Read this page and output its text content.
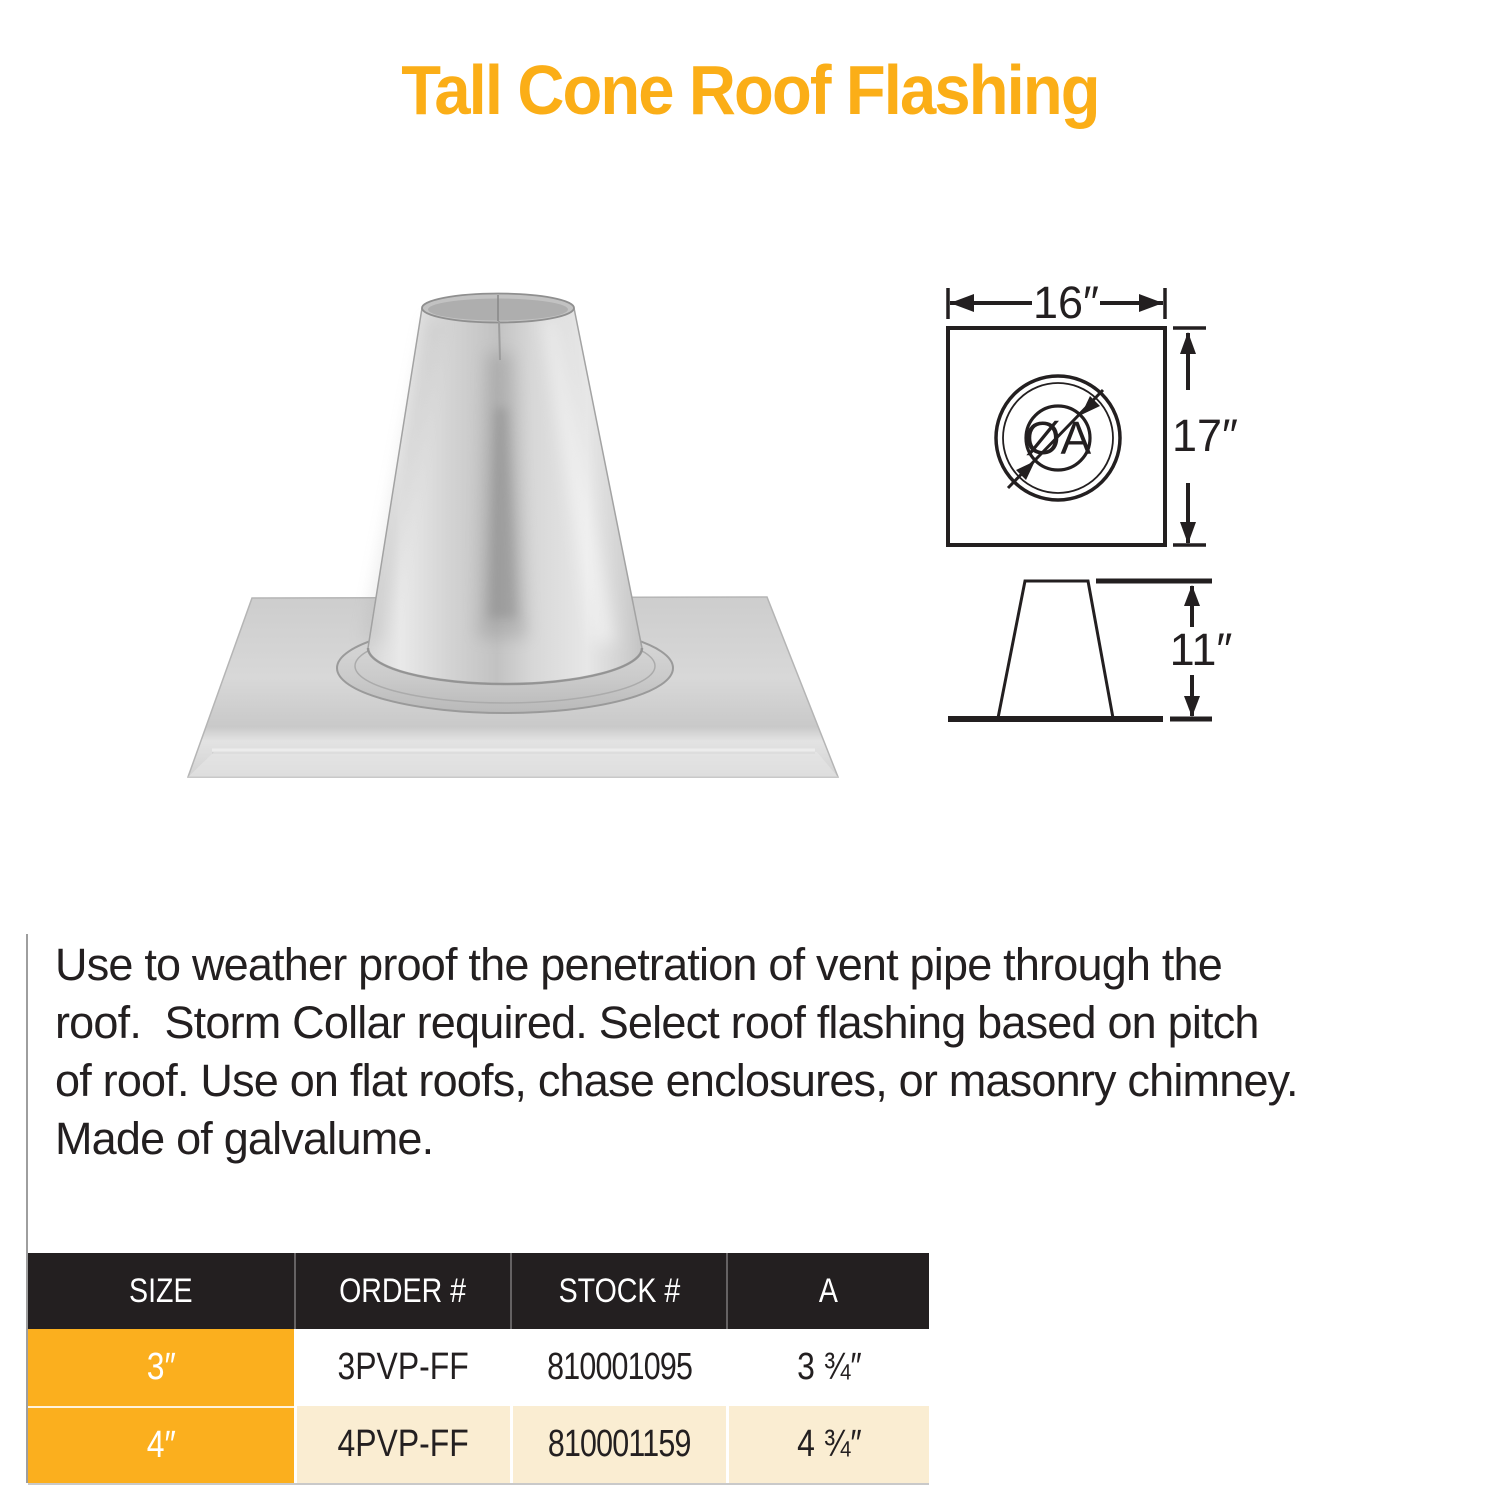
Tall Cone Roof Flashing
16″
ØA 17″
11″
Use to weather proof the penetration of vent pipe through the
roof.  Storm Collar required. Select roof flashing based on pitch
of roof. Use on flat roofs, chase enclosures, or masonry chimney.
Made of galvalume.
SIZE	ORDER #	STOCK #	A
3″	3PVP-FF 810001095	3 ¾″
4″	4PVP-FF 810001159	4 ¾″
